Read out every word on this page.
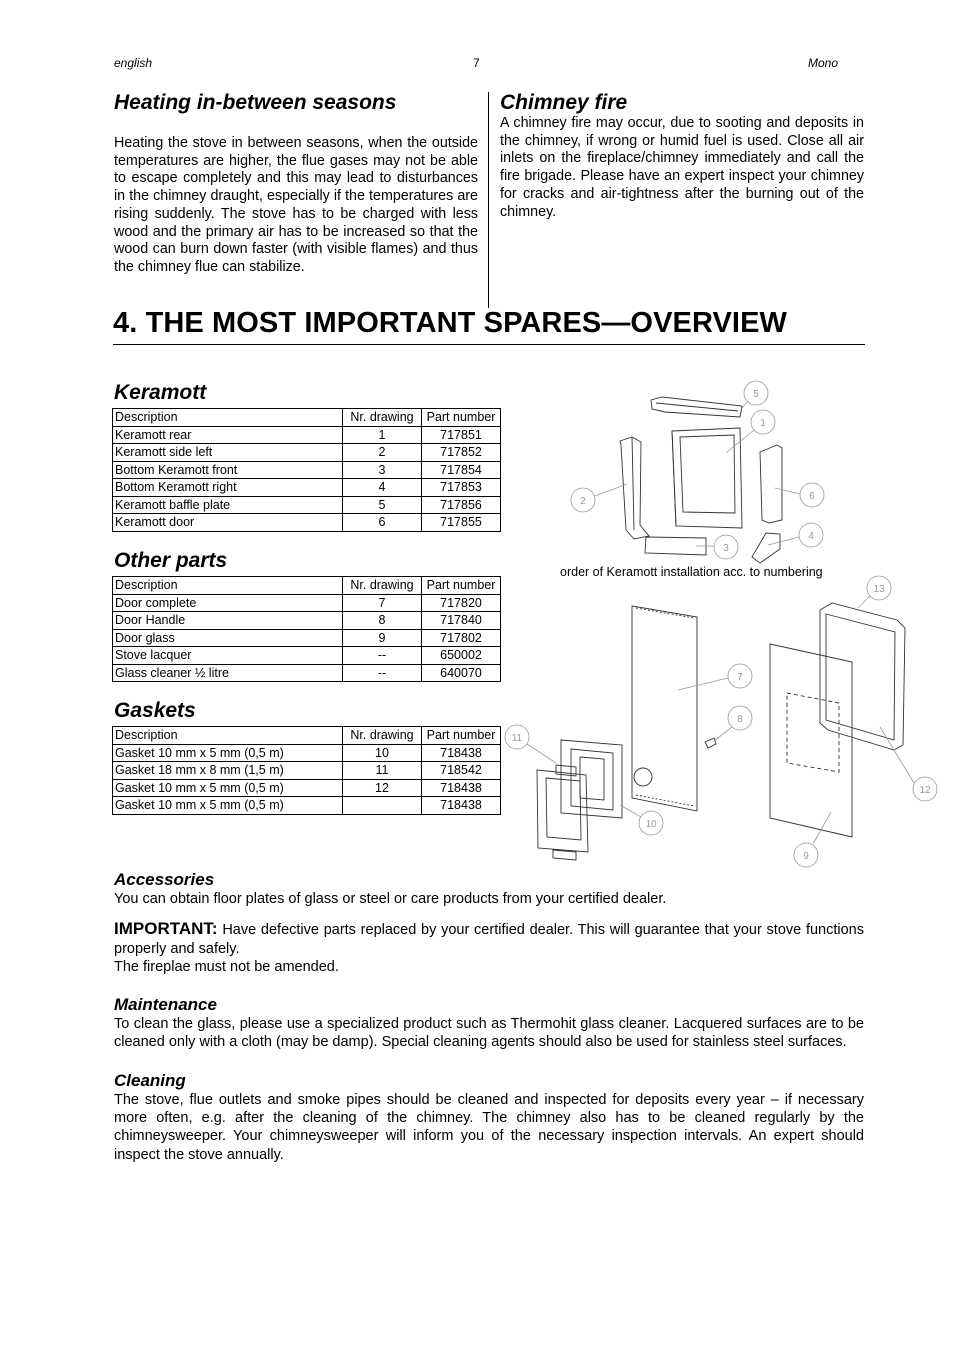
english	7	Mono
Heating in-between seasons

Heating the stove in between seasons, when the outside temperatures are higher, the flue gases may not be able to escape completely and this may lead to disturbances in the chimney draught, especially if the temperatures are rising suddenly. The stove has to be charged with less wood and the primary air has to be increased so that the wood can burn down faster (with visible flames) and thus the chimney flue can stabilize.

Chimney fire

A chimney fire may occur, due to sooting and deposits in the chimney, if wrong or humid fuel is used. Close all air inlets on the fireplace/chimney immediately and call the fire brigade. Please have an expert inspect your chimney for cracks and air-tightness after the burning out of the chimney.

4. THE MOST IMPORTANT SPARES—OVERVIEW
Keramott
Description	Nr. drawing	Part number
Keramott rear	1	717851
Keramott side left	2	717852
Bottom Keramott front	3	717854
Bottom Keramott right	4	717853
Keramott baffle plate	5	717856
Keramott door	6	717855
Other parts
Description	Nr. drawing	Part number
Door complete	7	717820
Door Handle	8	717840
Door glass	9	717802
Stove lacquer	--	650002
Glass cleaner ½ litre	--	640070
Gaskets
Description	Nr. drawing	Part number
Gasket 10 mm x 5 mm (0,5 m)	10	718438
Gasket 18 mm x 8 mm (1,5 m)	11	718542
Gasket 10 mm x 5 mm (0,5 m)	12	718438
Gasket 10 mm x 5 mm (0,5 m)		718438
5
1
2	6
4
3
13
7
8
11
12
10
9
order of Keramott installation acc. to numbering
Accessories

You can obtain floor plates of glass or steel or care products from your certified dealer.

IMPORTANT: Have defective parts replaced by your certified dealer. This will guarantee that your stove functions properly and safely.

The fireplae must not be amended.

Maintenance

To clean the glass, please use a specialized product such as Thermohit glass cleaner. Lacquered surfaces are to be cleaned only with a cloth (may be damp). Special cleaning agents should also be used for stainless steel surfaces.

Cleaning

The stove, flue outlets and smoke pipes should be cleaned and inspected for deposits every year – if necessary more often, e.g. after the cleaning of the chimney. The chimney also has to be cleaned regularly by the chimneysweeper. Your chimneysweeper will inform you of the necessary inspection intervals. An expert should inspect the stove annually.
